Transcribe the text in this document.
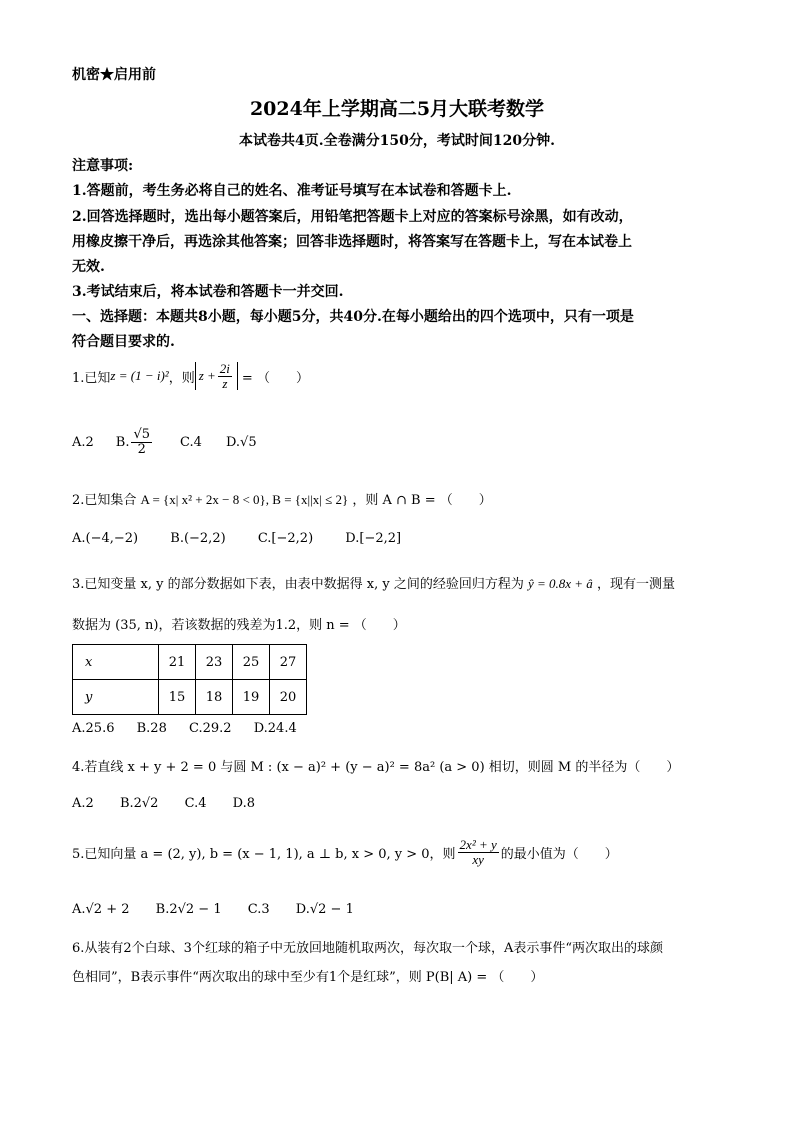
机密★启用前
2024年上学期高二5月大联考数学
本试卷共4页.全卷满分150分，考试时间120分钟.
注意事项:
1.答题前，考生务必将自己的姓名、准考证号填写在本试卷和答题卡上.
2.回答选择题时，选出每小题答案后，用铅笔把答题卡上对应的答案标号涂黑，如有改动，
用橡皮擦干净后，再选涂其他答案；回答非选择题时，将答案写在答题卡上，写在本试卷上
无效.
3.考试结束后，将本试卷和答题卡一并交回.
一、选择题：本题共8小题，每小题5分，共40分.在每小题给出的四个选项中，只有一项是
符合题目要求的.
1.已知 z = (1 − i)² ，则 $z + \frac{2i}{z}$ = （　　）
A.2 B. $\frac{√5}{2} C.4$ D.√5
2.已知集合 A = {x| x² + 2x − 8 < 0}, B = {x||x| ≤ 2} ，则 A ∩ B = （　　）
A.(−4,−2) B.(−2,2) C.[−2,2) D.[−2,2]
3.已知变量 x, y 的部分数据如下表，由表中数据得 x, y 之间的经验回归方程为 ŷ = 0.8x + â ，现有一测量
数据为 (35, n)，若该数据的残差为1.2，则 n = （　　）
x	21	23	25	27
y	15	18	19	20
A.25.6 B.28 C.29.2 D.24.4
4.若直线 x + y + 2 = 0 与圆 M : (x − a)² + (y − a)² = 8a² (a > 0) 相切，则圆 M 的半径为（　　）
A.2 B.2√2 C.4 D.8
5.已知向量 a = (2, y), b = (x − 1, 1), a ⊥ b, x > 0, y > 0，则 $\frac{\text{2x² + y}}{xy}$ 的最小值为（　　）
A.√2 + 2 B.2√2 − 1 C.3 D.√2 − 1
6.从装有2个白球、3个红球的箱子中无放回地随机取两次，每次取一个球，A表示事件“两次取出的球颜
色相同”，B表示事件“两次取出的球中至少有1个是红球”，则 P(B| A) = （　　）
